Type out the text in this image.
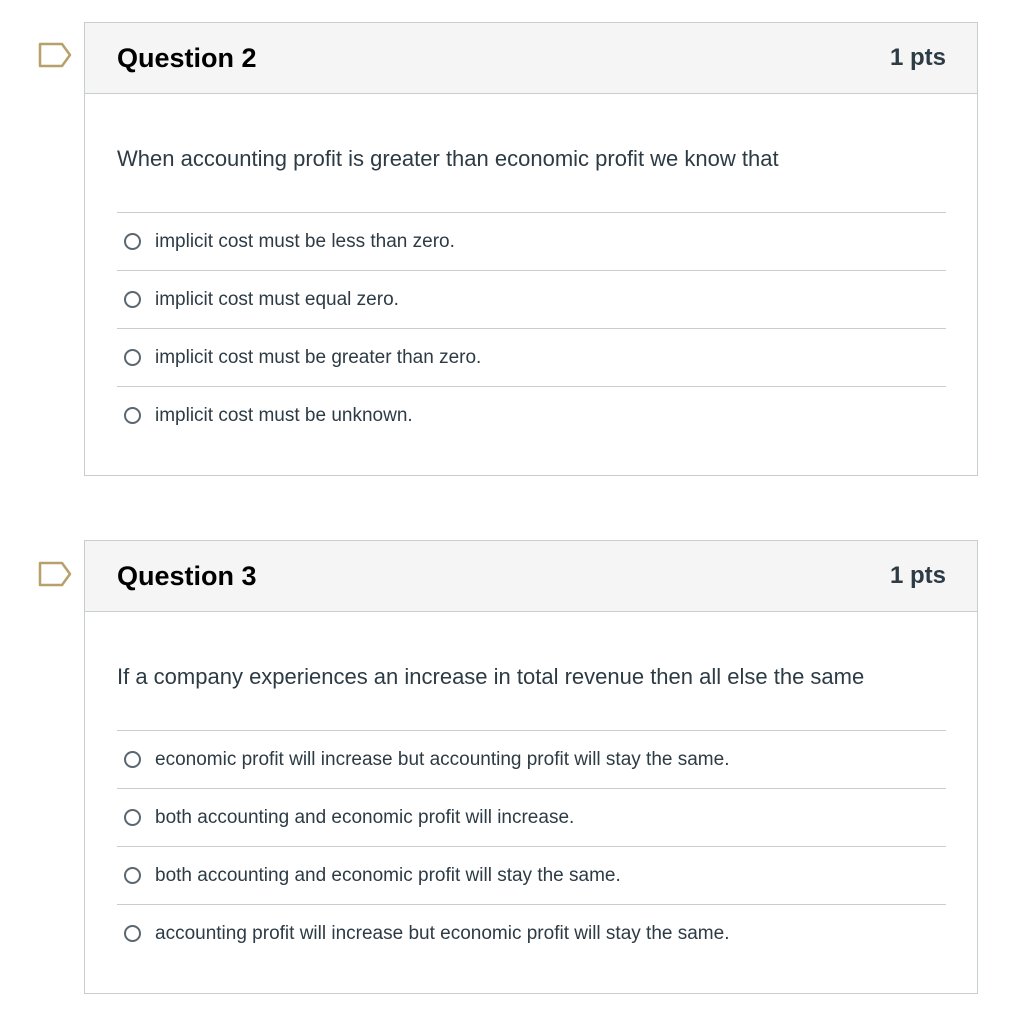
Question 2	1 pts

When accounting profit is greater than economic profit we know that

implicit cost must be less than zero.
implicit cost must equal zero.
implicit cost must be greater than zero.
implicit cost must be unknown.
Question 3	1 pts

If a company experiences an increase in total revenue then all else the same

economic profit will increase but accounting profit will stay the same.
both accounting and economic profit will increase.
both accounting and economic profit will stay the same.
accounting profit will increase but economic profit will stay the same.
